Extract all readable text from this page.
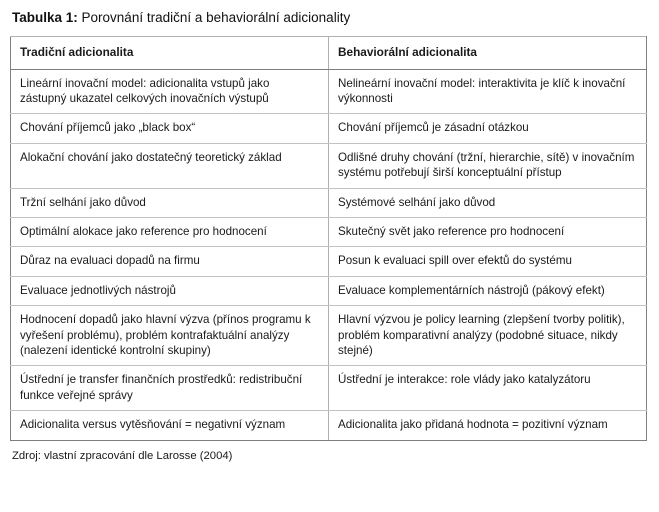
Tabulka 1: Porovnání tradiční a behaviorální adicionality
Tradiční adicionalita	Behaviorální adicionalita
Lineární inovační model: adicionalita vstupů jako zástupný ukazatel celkových inovačních výstupů	Nelineární inovační model: interaktivita je klíč k inovační výkonnosti
Chování příjemců jako „black box“	Chování příjemců je zásadní otázkou
Alokační chování jako dostatečný teoretický základ	Odlišné druhy chování (tržní, hierarchie, sítě) v inovačním systému potřebují širší konceptuální přístup
Tržní selhání jako důvod	Systémové selhání jako důvod
Optimální alokace jako reference pro hodnocení	Skutečný svět jako reference pro hodnocení
Důraz na evaluaci dopadů na firmu	Posun k evaluaci spill over efektů do systému
Evaluace jednotlivých nástrojů	Evaluace komplementárních nástrojů (pákový efekt)
Hodnocení dopadů jako hlavní výzva (přínos programu k vyřešení problému), problém kontrafaktuální analýzy (nalezení identické kontrolní skupiny)	Hlavní výzvou je policy learning (zlepšení tvorby politik), problém komparativní analýzy (podobné situace, nikdy stejné)
Ústřední je transfer finančních prostředků: redistribuční funkce veřejné správy	Ústřední je interakce: role vlády jako katalyzátoru
Adicionalita versus vytěsňování = negativní význam	Adicionalita jako přidaná hodnota = pozitivní význam
Zdroj: vlastní zpracování dle Larosse (2004)
